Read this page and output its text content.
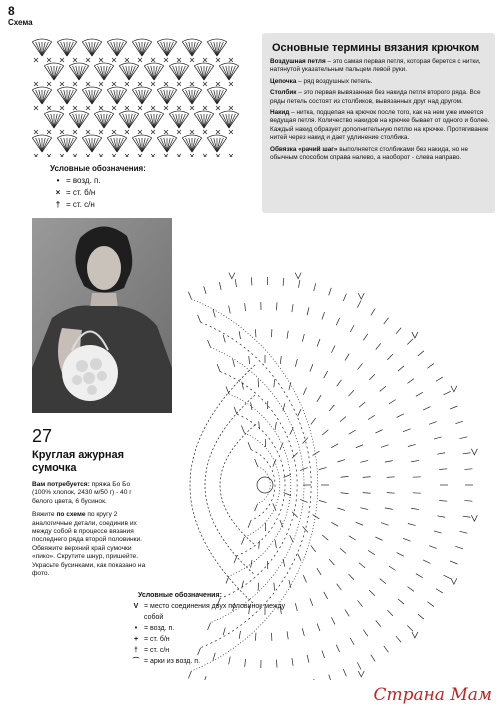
8
Схема
Условные обозначения:
• = возд. п.
× = ст. б/н
† = ст. с/н
Основные термины вязания крючком

Воздушная петля – это самая первая петля, которая берется с нитки, натянутой указательным пальцем левой руки.

Цепочка – ряд воздушных петель.

Столбик – это первая вывязанная без накида петля второго ряда. Все ряды петель состоят из столбиков, вывязанных друг над другом.

Накид – нитка, подцепая на крючок после того, как на нем уже имеется ведущая петля. Количество накидов на крючке бывает от одного и более. Каждый накид образует дополнительную петлю на крючке. Протягивание нитей через накид и дает удлинение столбика.

Обвязка «рачий шаг» выполняется столбиками без накида, но не обычным способом справа налево, а наоборот - слева направо.

27
Круглая ажурная сумочка

Вам потребуется: пряжа Бо Бо (100% хлопок, 2430 м/50 г) - 40 г белого цвета, 6 бусинок.

Вяжите по схеме по кругу 2 аналогичные детали, соединив их между собой в процессе вязания последнего ряда второй половинки. Обвяжите верхний край сумочки «пико». Скрутите шнур, пришейте. Украсьте бусинками, как показано на фото.

Условные обозначения:
V = место соединения двух половинок между собой
• = возд. п.
+ = ст. б/н
† = ст. с/н
⌒ = арки из возд. п.
Страна Мам
